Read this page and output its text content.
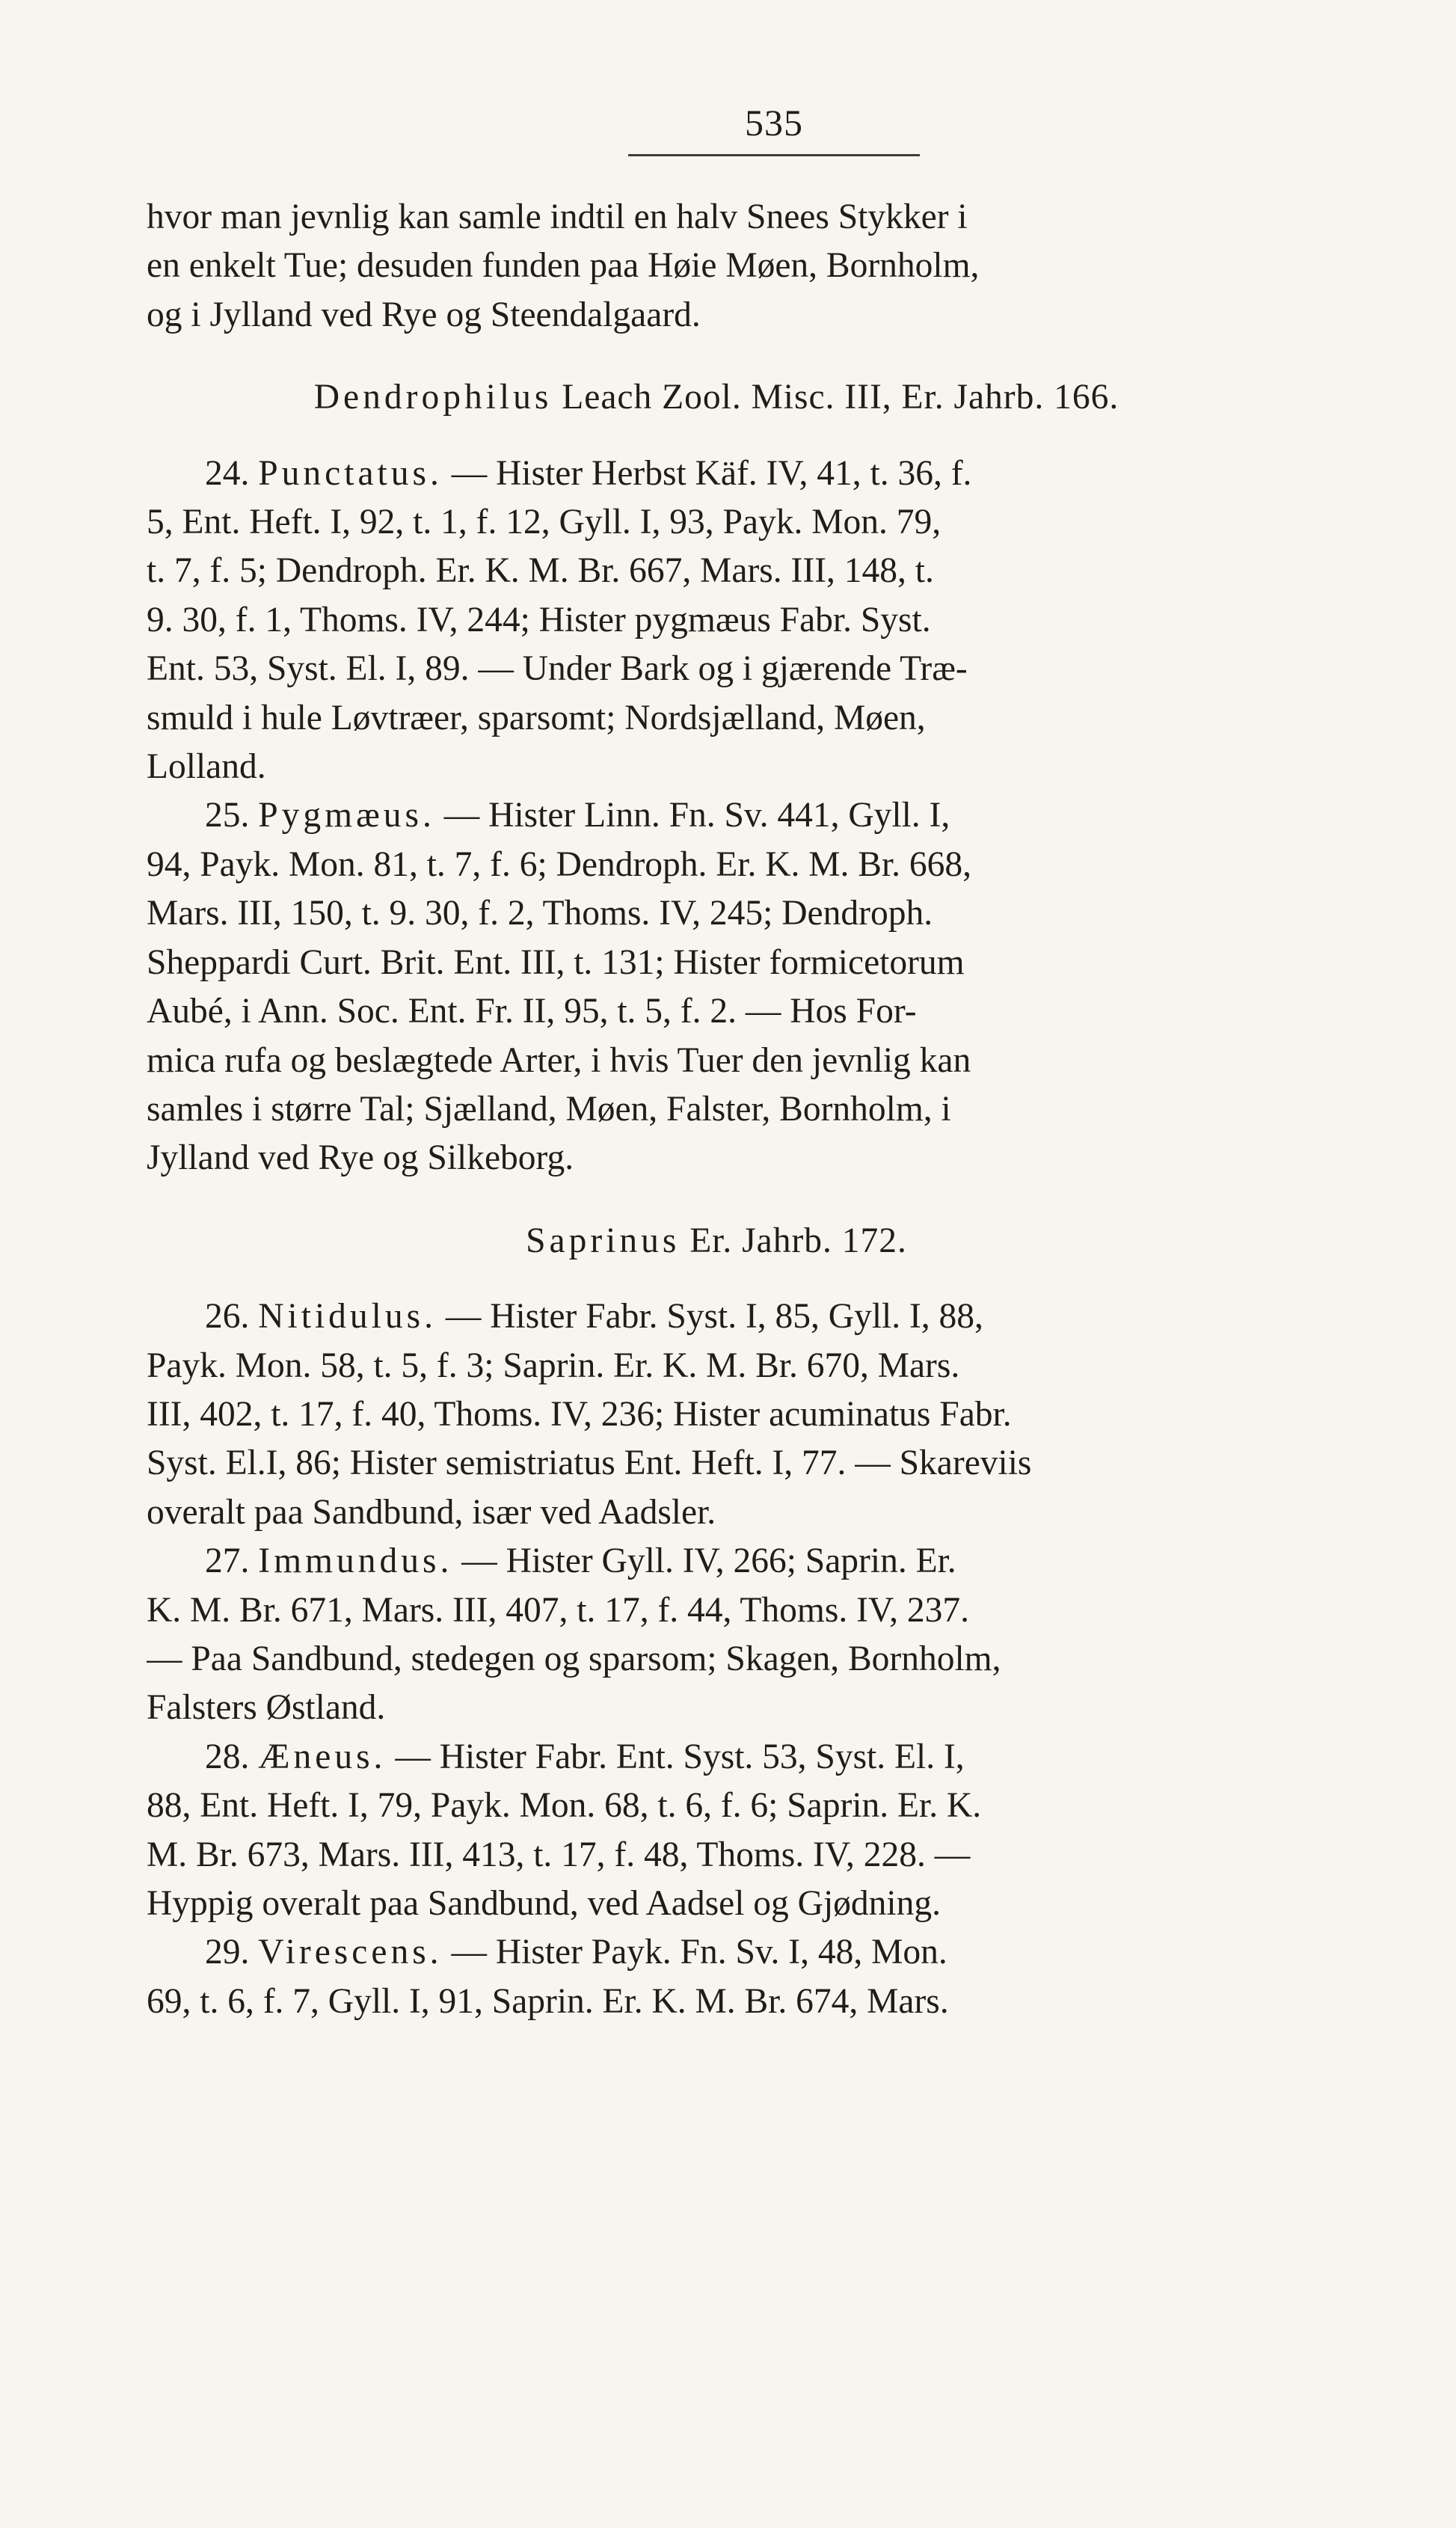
535
hvor man jevnlig kan samle indtil en halv Snees Stykker i
en enkelt Tue; desuden funden paa Høie Møen, Bornholm,
og i Jylland ved Rye og Steendalgaard.
Dendrophilus Leach Zool. Misc. III, Er. Jahrb. 166.
24. Punctatus. — Hister Herbst Käf. IV, 41, t. 36, f.
5, Ent. Heft. I, 92, t. 1, f. 12, Gyll. I, 93, Payk. Mon. 79,
t. 7, f. 5; Dendroph. Er. K. M. Br. 667, Mars. III, 148, t.
9. 30, f. 1, Thoms. IV, 244; Hister pygmæus Fabr. Syst.
Ent. 53, Syst. El. I, 89. — Under Bark og i gjærende Træ-
smuld i hule Løvtræer, sparsomt; Nordsjælland, Møen,
Lolland.
25. Pygmæus. — Hister Linn. Fn. Sv. 441, Gyll. I,
94, Payk. Mon. 81, t. 7, f. 6; Dendroph. Er. K. M. Br. 668,
Mars. III, 150, t. 9. 30, f. 2, Thoms. IV, 245; Dendroph.
Sheppardi Curt. Brit. Ent. III, t. 131; Hister formicetorum
Aubé, i Ann. Soc. Ent. Fr. II, 95, t. 5, f. 2. — Hos For-
mica rufa og beslægtede Arter, i hvis Tuer den jevnlig kan
samles i større Tal; Sjælland, Møen, Falster, Bornholm, i
Jylland ved Rye og Silkeborg.
Saprinus Er. Jahrb. 172.
26. Nitidulus. — Hister Fabr. Syst. I, 85, Gyll. I, 88,
Payk. Mon. 58, t. 5, f. 3; Saprin. Er. K. M. Br. 670, Mars.
III, 402, t. 17, f. 40, Thoms. IV, 236; Hister acuminatus Fabr.
Syst. El.I, 86; Hister semistriatus Ent. Heft. I, 77. — Skareviis
overalt paa Sandbund, især ved Aadsler.
27. Immundus. — Hister Gyll. IV, 266; Saprin. Er.
K. M. Br. 671, Mars. III, 407, t. 17, f. 44, Thoms. IV, 237.
— Paa Sandbund, stedegen og sparsom; Skagen, Bornholm,
Falsters Østland.
28. Æneus. — Hister Fabr. Ent. Syst. 53, Syst. El. I,
88, Ent. Heft. I, 79, Payk. Mon. 68, t. 6, f. 6; Saprin. Er. K.
M. Br. 673, Mars. III, 413, t. 17, f. 48, Thoms. IV, 228. —
Hyppig overalt paa Sandbund, ved Aadsel og Gjødning.
29. Virescens. — Hister Payk. Fn. Sv. I, 48, Mon.
69, t. 6, f. 7, Gyll. I, 91, Saprin. Er. K. M. Br. 674, Mars.
